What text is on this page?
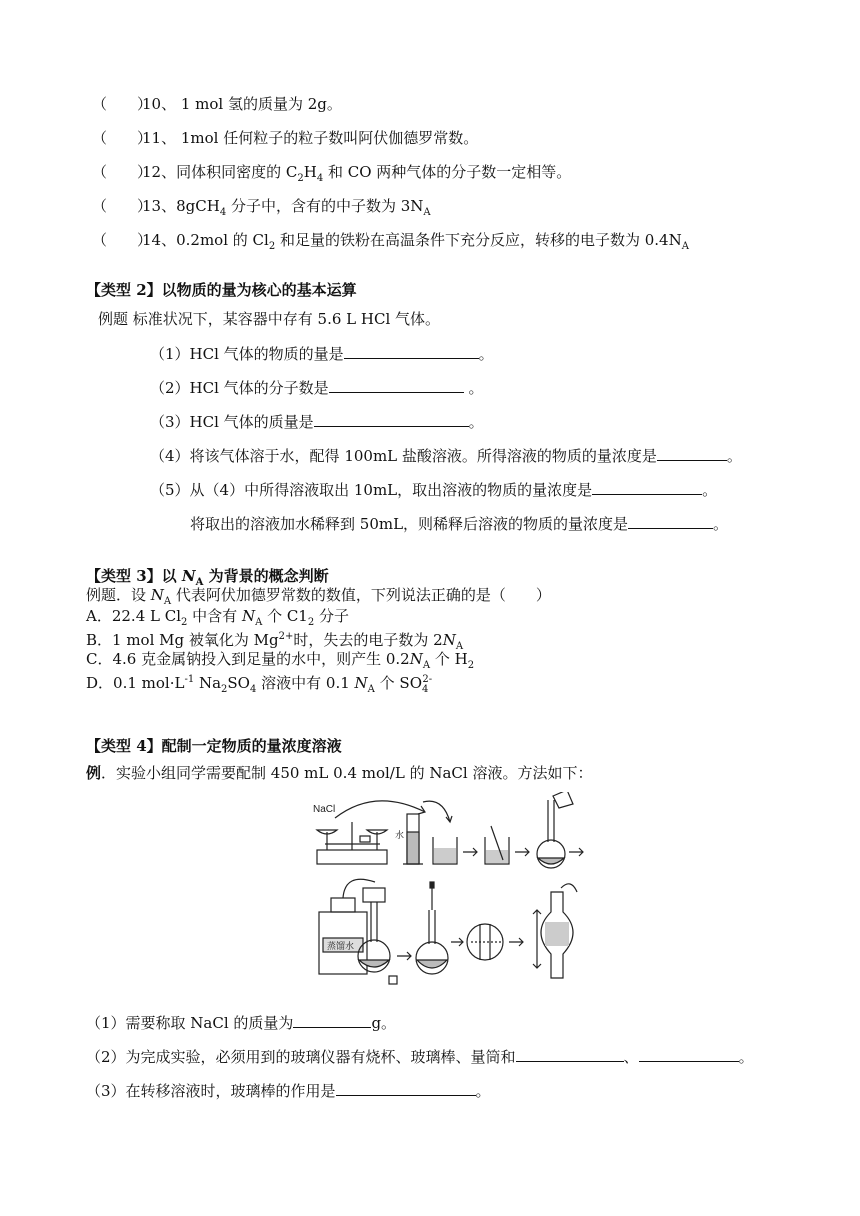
（　　）10、 1 mol 氢的质量为 2g。
（　　）11、 1mol 任何粒子的粒子数叫阿伏伽德罗常数。
（　　）12、同体积同密度的 $C_2H_4$ 和 CO 两种气体的分子数一定相等。
（　　）13、8gCH$_4$ 分子中，含有的中子数为 $3N_A$
（　　）14、0.2mol 的 $Cl_2$ 和足量的铁粉在高温条件下充分反应，转移的电子数为 $0.4N_A$
【类型 2】以物质的量为核心的基本运算
例题 标准状况下，某容器中存有 5.6 L HCl 气体。
（1）HCl 气体的物质的量是	。
（2）HCl 气体的分子数是	。
（3）HCl 气体的质量是	。
（4）将该气体溶于水，配得 100mL 盐酸溶液。所得溶液的物质的量浓度是	。
（5）从（4）中所得溶液取出 10mL，取出溶液的物质的量浓度是	。
将取出的溶液加水稀释到 50mL，则稀释后溶液的物质的量浓度是	。
【类型 3】以 $N_A$ 为背景的概念判断
例题．设 $N_A$ 代表阿伏加德罗常数的数值，下列说法正确的是（　　）
A．22.4 L $Cl_2$ 中含有 $N_A$ 个 $C1_2$ 分子
B．1 mol Mg 被氧化为 $Mg^{2+}$时，失去的电子数为 $2N_A$
C．4.6 克金属钠投入到足量的水中，则产生 $0.2N_A$ 个 $H_2$
D．0.1 $mol\cdot L^{-1}$ $Na_2SO_4$ 溶液中有 0.1 $N_A$ 个 $SO_4^{2-}$
【类型 4】配制一定物质的量浓度溶液
例．实验小组同学需要配制 450 mL 0.4 mol/L 的 NaCl 溶液。方法如下：
NaCl
水
蒸馏水
（1）需要称取 NaCl 的质量为	g。
（2）为完成实验，必须用到的玻璃仪器有烧杯、玻璃棒、量筒和	、	。
（3）在转移溶液时，玻璃棒的作用是	。
